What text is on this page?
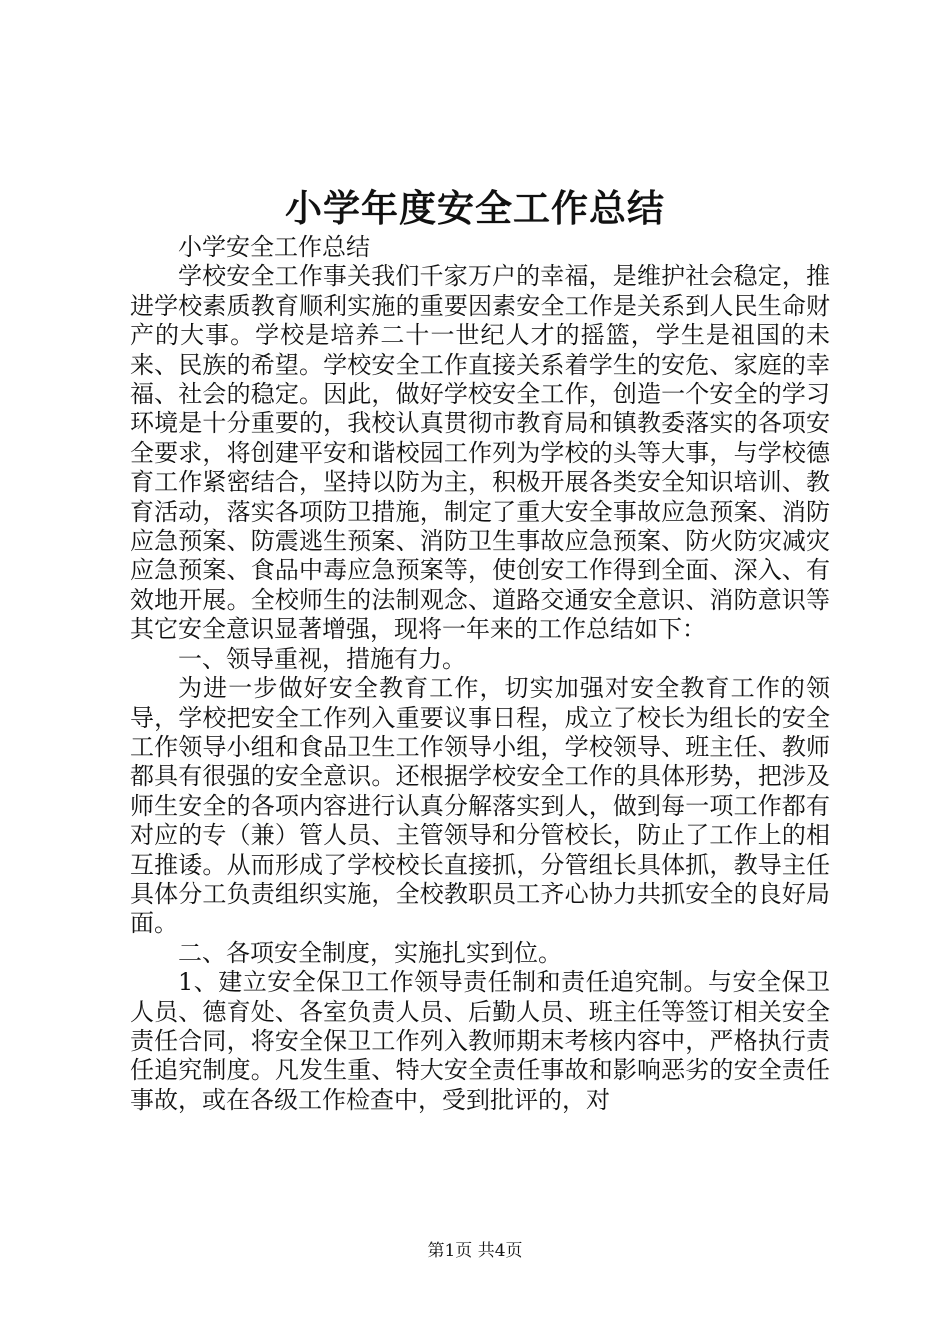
小学年度安全工作总结

小学安全工作总结

学校安全工作事关我们千家万户的幸福，是维护社会稳定，推进学校素质教育顺利实施的重要因素安全工作是关系到人民生命财产的大事。学校是培养二十一世纪人才的摇篮，学生是祖国的未来、民族的希望。学校安全工作直接关系着学生的安危、家庭的幸福、社会的稳定。因此，做好学校安全工作，创造一个安全的学习环境是十分重要的，我校认真贯彻市教育局和镇教委落实的各项安全要求，将创建平安和谐校园工作列为学校的头等大事，与学校德育工作紧密结合，坚持以防为主，积极开展各类安全知识培训、教育活动，落实各项防卫措施，制定了重大安全事故应急预案、消防应急预案、防震逃生预案、消防卫生事故应急预案、防火防灾减灾应急预案、食品中毒应急预案等，使创安工作得到全面、深入、有效地开展。全校师生的法制观念、道路交通安全意识、消防意识等其它安全意识显著增强，现将一年来的工作总结如下：

一、领导重视，措施有力。

为进一步做好安全教育工作，切实加强对安全教育工作的领导，学校把安全工作列入重要议事日程，成立了校长为组长的安全工作领导小组和食品卫生工作领导小组，学校领导、班主任、教师都具有很强的安全意识。还根据学校安全工作的具体形势，把涉及师生安全的各项内容进行认真分解落实到人，做到每一项工作都有对应的专（兼）管人员、主管领导和分管校长，防止了工作上的相互推诿。从而形成了学校校长直接抓，分管组长具体抓，教导主任具体分工负责组织实施，全校教职员工齐心协力共抓安全的良好局面。

二、各项安全制度，实施扎实到位。

1、建立安全保卫工作领导责任制和责任追究制。与安全保卫人员、德育处、各室负责人员、后勤人员、班主任等签订相关安全责任合同，将安全保卫工作列入教师期末考核内容中，严格执行责任追究制度。凡发生重、特大安全责任事故和影响恶劣的安全责任事故，或在各级工作检查中，受到批评的，对

第1页 共4页
